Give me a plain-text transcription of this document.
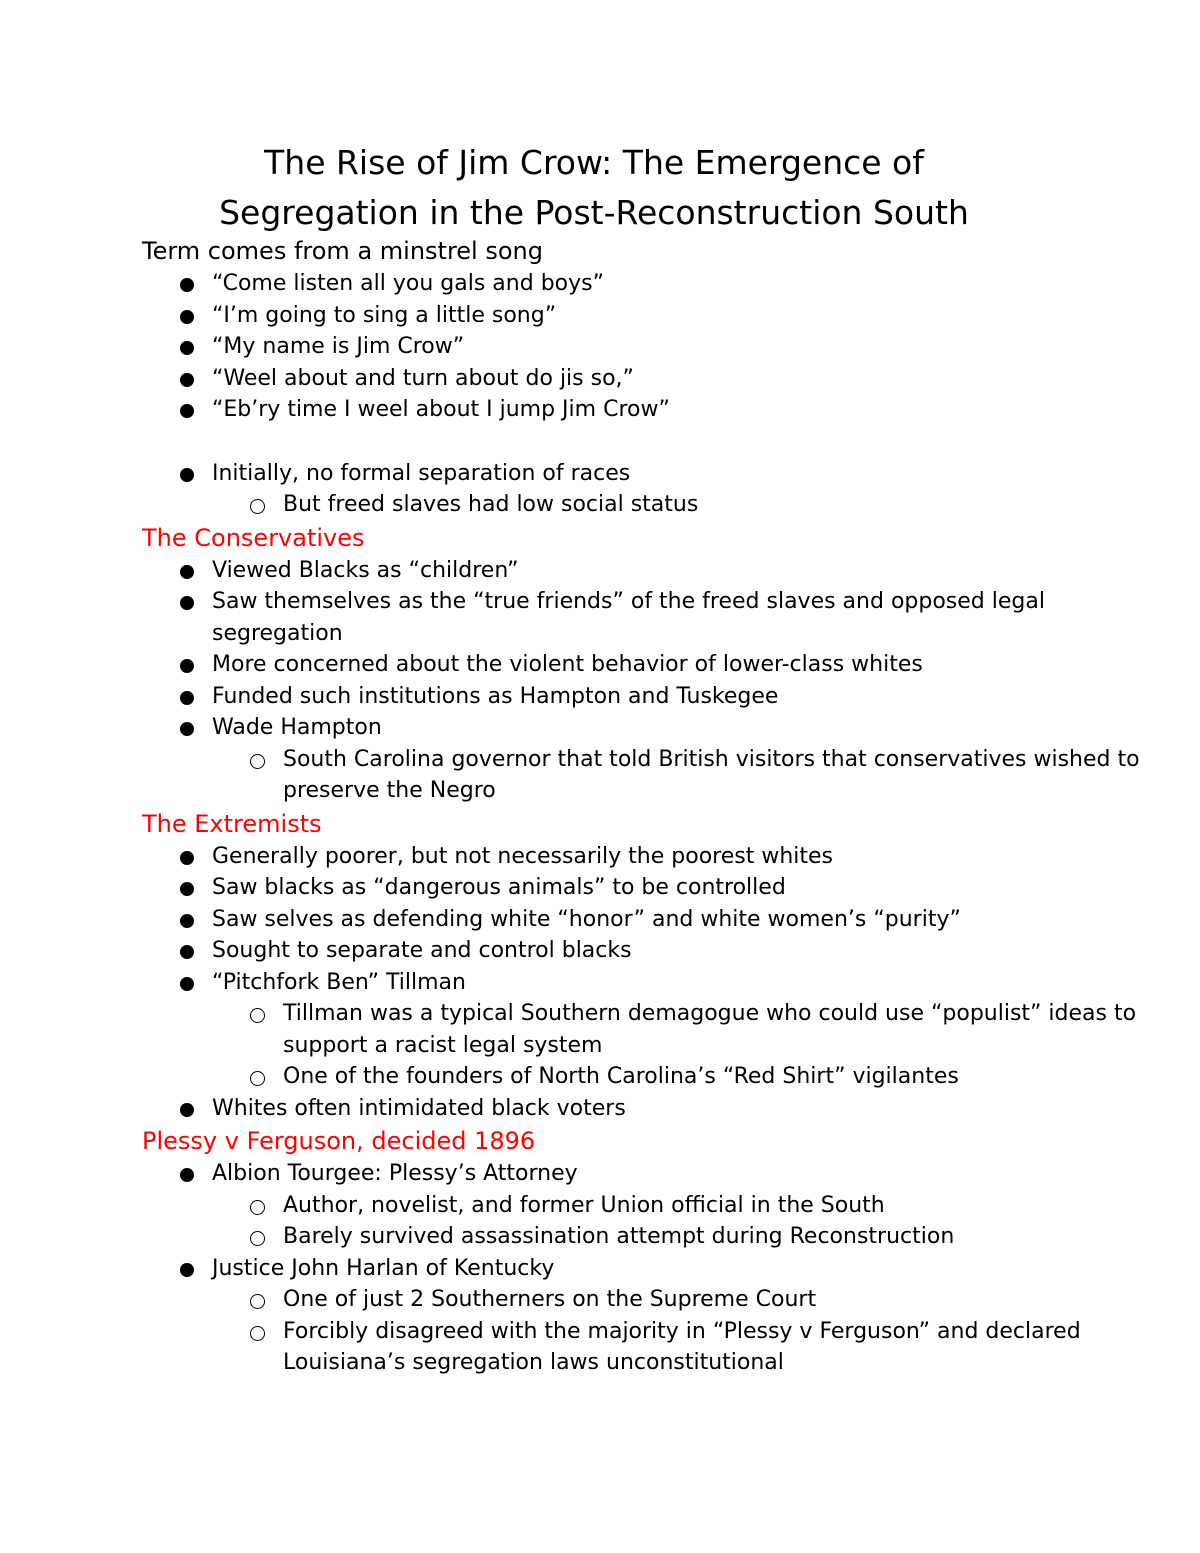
The Rise of Jim Crow: The Emergence of
Segregation in the Post-Reconstruction South
Term comes from a minstrel song
“Come listen all you gals and boys”
“I’m going to sing a little song”
“My name is Jim Crow”
“Weel about and turn about do jis so,”
“Eb’ry time I weel about I jump Jim Crow”
Initially, no formal separation of races
But freed slaves had low social status
The Conservatives
Viewed Blacks as “children”
Saw themselves as the “true friends” of the freed slaves and opposed legal segregation
More concerned about the violent behavior of lower-class whites
Funded such institutions as Hampton and Tuskegee
Wade Hampton
South Carolina governor that told British visitors that conservatives wished to preserve the Negro
The Extremists
Generally poorer, but not necessarily the poorest whites
Saw blacks as “dangerous animals” to be controlled
Saw selves as defending white “honor” and white women’s “purity”
Sought to separate and control blacks
“Pitchfork Ben” Tillman
Tillman was a typical Southern demagogue who could use “populist” ideas to support a racist legal system
One of the founders of North Carolina’s “Red Shirt” vigilantes
Whites often intimidated black voters
Plessy v Ferguson, decided 1896
Albion Tourgee: Plessy’s Attorney
Author, novelist, and former Union official in the South
Barely survived assassination attempt during Reconstruction
Justice John Harlan of Kentucky
One of just 2 Southerners on the Supreme Court
Forcibly disagreed with the majority in “Plessy v Ferguson” and declared Louisiana’s segregation laws unconstitutional
